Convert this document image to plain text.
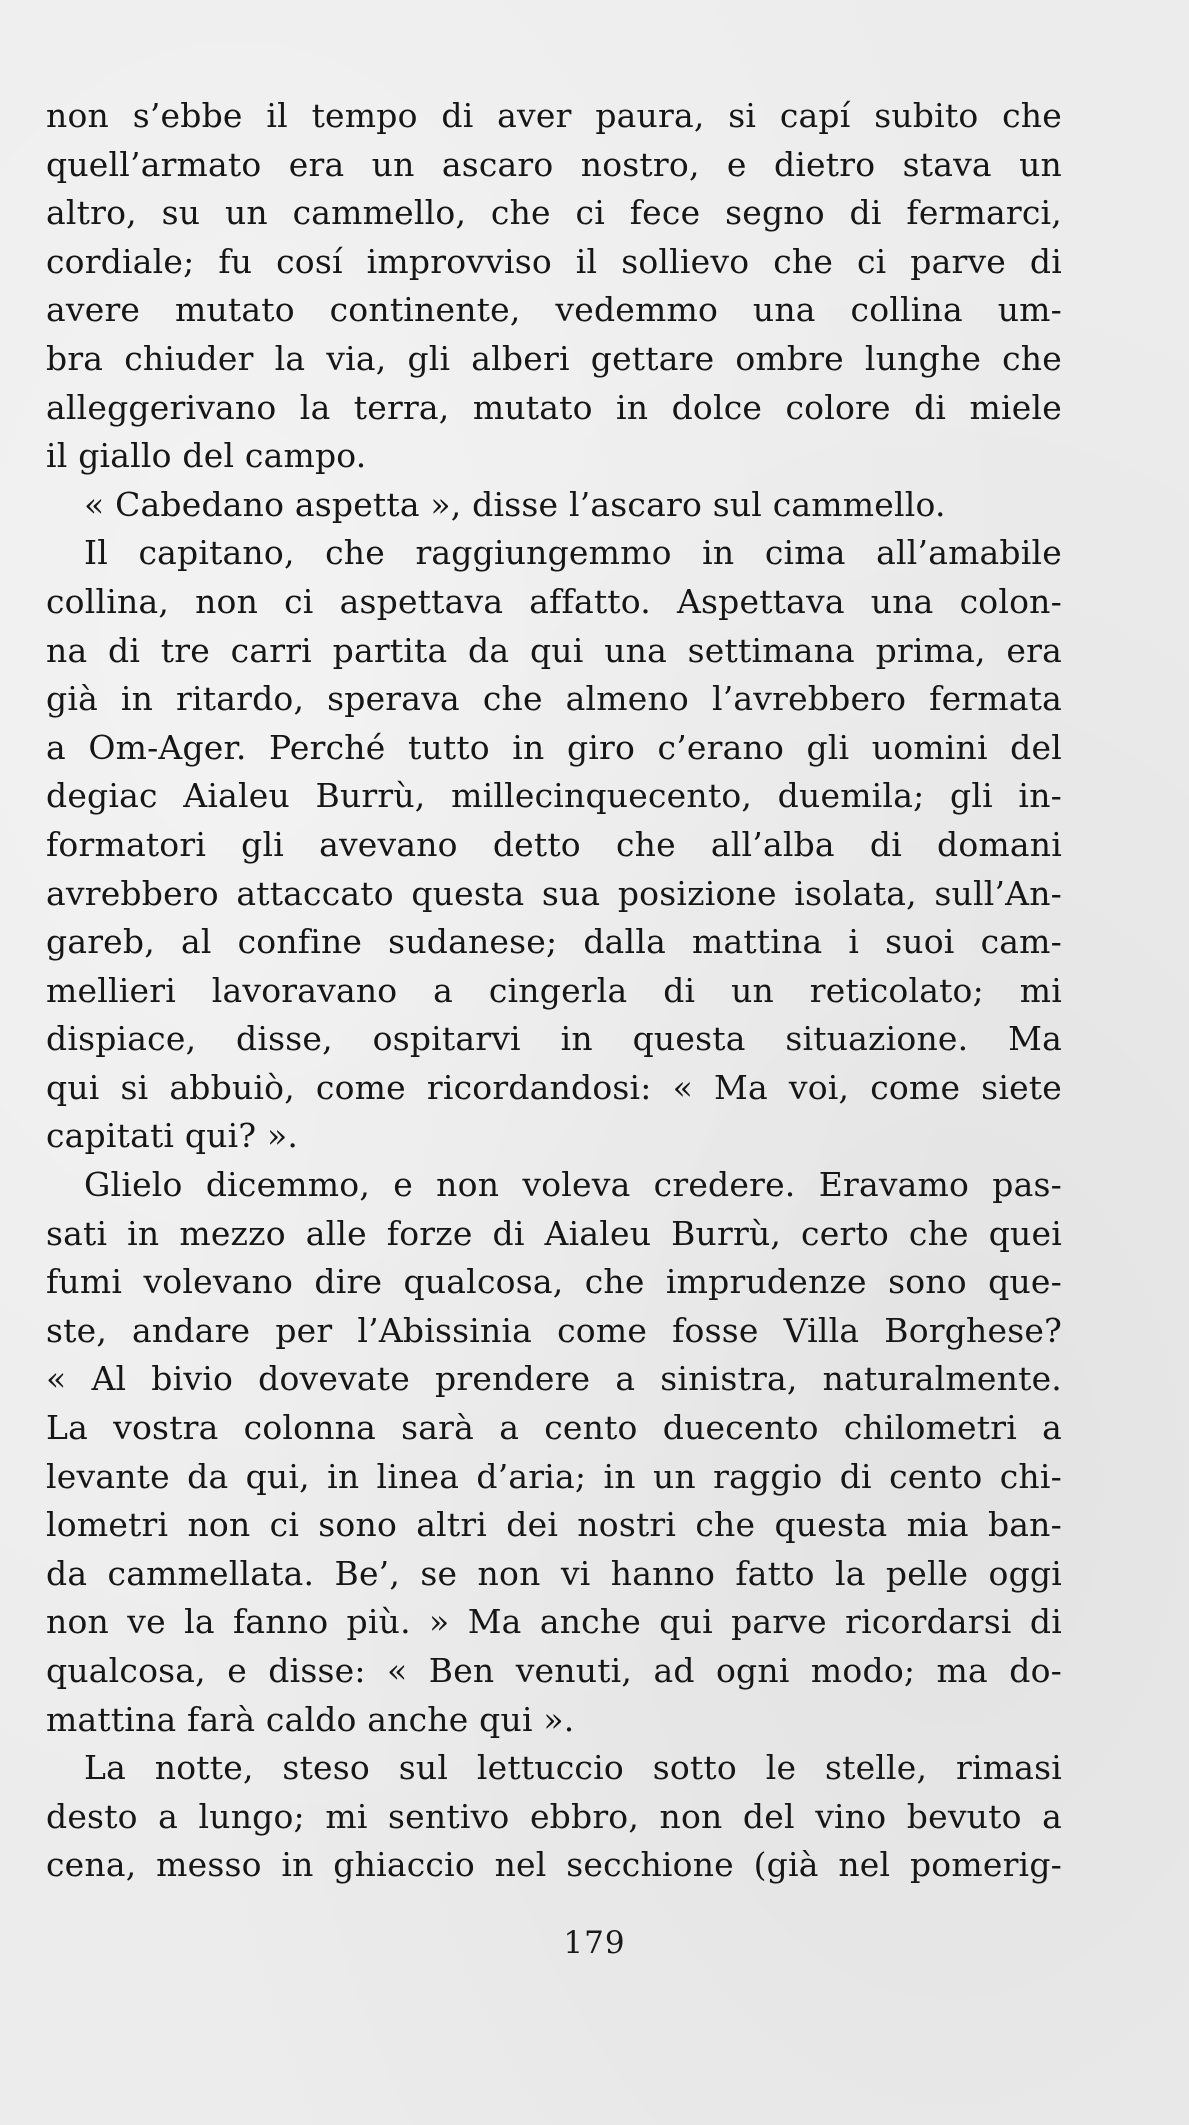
non s’ebbe il tempo di aver paura, si capí subito che
quell’armato era un ascaro nostro, e dietro stava un
altro, su un cammello, che ci fece segno di fermarci,
cordiale; fu cosí improvviso il sollievo che ci parve di
avere mutato continente, vedemmo una collina um-
bra chiuder la via, gli alberi gettare ombre lunghe che
alleggerivano la terra, mutato in dolce colore di miele
il giallo del campo.
« Cabedano aspetta », disse l’ascaro sul cammello.
Il capitano, che raggiungemmo in cima all’amabile
collina, non ci aspettava affatto. Aspettava una colon-
na di tre carri partita da qui una settimana prima, era
già in ritardo, sperava che almeno l’avrebbero fermata
a Om-Ager. Perché tutto in giro c’erano gli uomini del
degiac Aialeu Burrù, millecinquecento, duemila; gli in-
formatori gli avevano detto che all’alba di domani
avrebbero attaccato questa sua posizione isolata, sull’An-
gareb, al confine sudanese; dalla mattina i suoi cam-
mellieri lavoravano a cingerla di un reticolato; mi
dispiace, disse, ospitarvi in questa situazione. Ma
qui si abbuiò, come ricordandosi: « Ma voi, come siete
capitati qui? ».
Glielo dicemmo, e non voleva credere. Eravamo pas-
sati in mezzo alle forze di Aialeu Burrù, certo che quei
fumi volevano dire qualcosa, che imprudenze sono que-
ste, andare per l’Abissinia come fosse Villa Borghese?
« Al bivio dovevate prendere a sinistra, naturalmente.
La vostra colonna sarà a cento duecento chilometri a
levante da qui, in linea d’aria; in un raggio di cento chi-
lometri non ci sono altri dei nostri che questa mia ban-
da cammellata. Be’, se non vi hanno fatto la pelle oggi
non ve la fanno più. » Ma anche qui parve ricordarsi di
qualcosa, e disse: « Ben venuti, ad ogni modo; ma do-
mattina farà caldo anche qui ».
La notte, steso sul lettuccio sotto le stelle, rimasi
desto a lungo; mi sentivo ebbro, non del vino bevuto a
cena, messo in ghiaccio nel secchione (già nel pomerig-
179
